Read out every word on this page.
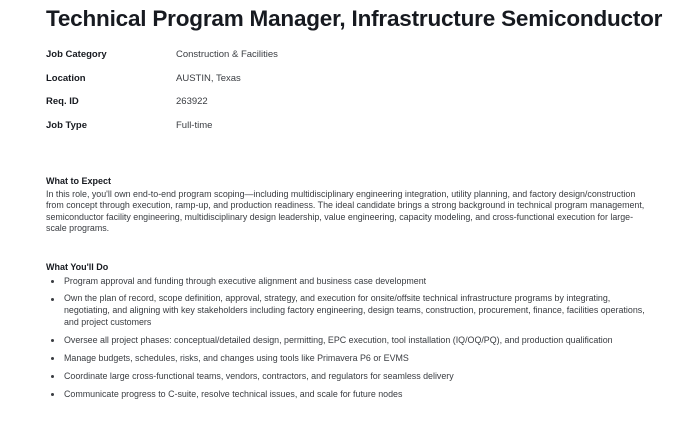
Technical Program Manager, Infrastructure Semiconductor
Job Category	Construction & Facilities
Location	AUSTIN, Texas
Req. ID	263922
Job Type	Full-time

What to Expect

In this role, you'll own end-to-end program scoping—including multidisciplinary engineering integration, utility planning, and factory design/construction from concept through execution, ramp-up, and production readiness. The ideal candidate brings a strong background in technical program management, semiconductor facility engineering, multidisciplinary design leadership, value engineering, capacity modeling, and cross-functional execution for large-scale programs.

What You'll Do

Program approval and funding through executive alignment and business case development
Own the plan of record, scope definition, approval, strategy, and execution for onsite/offsite technical infrastructure programs by integrating, negotiating, and aligning with key stakeholders including factory engineering, design teams, construction, procurement, finance, facilities operations, and project customers
Oversee all project phases: conceptual/detailed design, permitting, EPC execution, tool installation (IQ/OQ/PQ), and production qualification
Manage budgets, schedules, risks, and changes using tools like Primavera P6 or EVMS
Coordinate large cross-functional teams, vendors, contractors, and regulators for seamless delivery
Communicate progress to C-suite, resolve technical issues, and scale for future nodes
